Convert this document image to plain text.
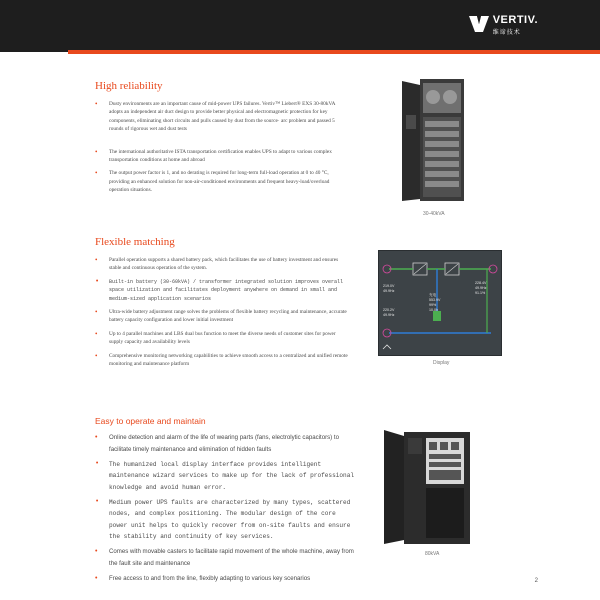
VERTIV.
维谛技术
High reliability
• Dusty environments are an important cause of mid-power UPS failures. Vertiv™ Liebert® EXS 30-80kVA adopts an independent air duct design to provide better physical and electromagnetic protection for key components, eliminating short circuits and pulls caused by dust from the source· arc problem and passed 5 rounds of rigorous wet and dust tests
• The international authoritative ISTA transportation certification enables UPS to adapt to various complex transportation conditions at home and abroad
• The output power factor is 1, and no derating is required for long-term full-load operation at 0 to 40 °C, providing an enhanced solution for non-air-conditioned environments and frequent heavy-load/overload operation situations.
30-40kVA
Flexible matching
• Parallel operation supports a shared battery pack, which facilitates the use of battery investment and ensures stable and continuous operation of the system.
• Built-in battery (30-60kVA) / transformer integrated solution improves overall space utilization and facilitates deployment anywhere on demand in small and medium-sized application scenarios
• Ultra-wide battery adjustment range solves the problems of flexible battery recycling and maintenance, accurate battery capacity configuration and lower initial investment
• Up to 4 parallel machines and LBS dual bus function to meet the diverse needs of customer sites for power supply capacity and availability levels
• Comprehensive monitoring networking capabilities to achieve smooth access to a centralized and unified remote monitoring and maintenance platform
219.0V
49.9Hz
220.2V
49.9Hz
充电
553.9V
99%
10.0h
228.4V
49.9Hz
91.1%
Display
Easy to operate and maintain
• Online detection and alarm of the life of wearing parts (fans, electrolytic capacitors) to facilitate timely maintenance and elimination of hidden faults
• The humanized local display interface provides intelligent maintenance wizard services to make up for the lack of professional knowledge and avoid human error.
• Medium power UPS faults are characterized by many types, scattered nodes, and complex positioning. The modular design of the core power unit helps to quickly recover from on-site faults and ensure the stability and continuity of key services.
• Comes with movable casters to facilitate rapid movement of the whole machine, away from the fault site and maintenance
• Free access to and from the line, flexibly adapting to various key scenarios
80kVA
2
